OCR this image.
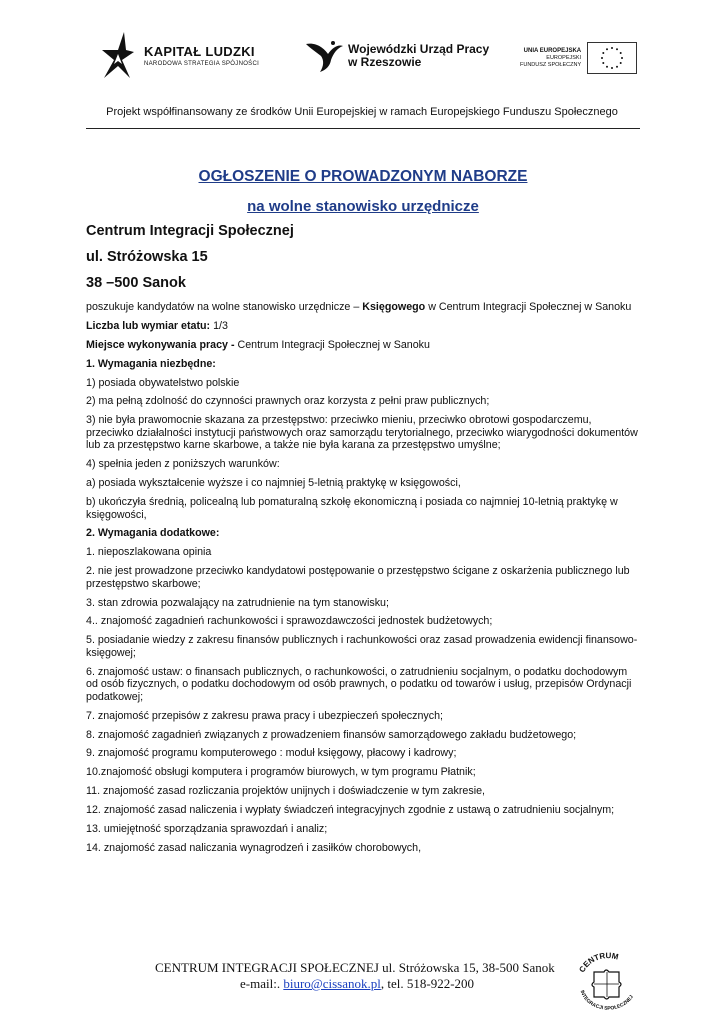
KAPITAŁ LUDZKI
NARODOWA STRATEGIA SPÓJNOŚCI
Wojewódzki Urząd Pracy
w Rzeszowie
UNIA EUROPEJSKA
EUROPEJSKI
FUNDUSZ SPOŁECZNY
Projekt współfinansowany ze środków Unii Europejskiej w ramach Europejskiego Funduszu Społecznego
OGŁOSZENIE O PROWADZONYM NABORZE
na wolne stanowisko urzędnicze
Centrum Integracji Społecznej
ul. Stróżowska 15
38 –500 Sanok

poszukuje kandydatów na wolne stanowisko urzędnicze – Księgowego w Centrum Integracji Społecznej w Sanoku

Liczba lub wymiar etatu: 1/3

Miejsce wykonywania pracy - Centrum Integracji Społecznej w Sanoku

1. Wymagania niezbędne:

1) posiada obywatelstwo polskie

2) ma pełną zdolność do czynności prawnych oraz korzysta z pełni praw publicznych;

3) nie była prawomocnie skazana za przestępstwo: przeciwko mieniu, przeciwko obrotowi gospodarczemu, przeciwko działalności instytucji państwowych oraz samorządu terytorialnego, przeciwko wiarygodności dokumentów lub za przestępstwo karne skarbowe, a także nie była karana za przestępstwo umyślne;

4) spełnia jeden z poniższych warunków:

a) posiada wykształcenie wyższe i co najmniej 5-letnią praktykę w księgowości,

b) ukończyła średnią, policealną lub pomaturalną szkołę ekonomiczną i posiada co najmniej 10-letnią praktykę w księgowości,

2. Wymagania dodatkowe:

1. nieposzlakowana opinia

2. nie jest prowadzone przeciwko kandydatowi postępowanie o przestępstwo ścigane z oskarżenia publicznego lub przestępstwo skarbowe;

3. stan zdrowia pozwalający na zatrudnienie na tym stanowisku;

4.. znajomość zagadnień rachunkowości i sprawozdawczości jednostek budżetowych;

5. posiadanie wiedzy z zakresu finansów publicznych i rachunkowości oraz zasad prowadzenia ewidencji finansowo-księgowej;

6. znajomość ustaw: o finansach publicznych, o rachunkowości, o zatrudnieniu socjalnym, o podatku dochodowym od osób fizycznych, o podatku dochodowym od osób prawnych, o podatku od towarów i usług, przepisów Ordynacji podatkowej;

7. znajomość przepisów z zakresu prawa pracy i ubezpieczeń społecznych;

8. znajomość zagadnień związanych z prowadzeniem finansów samorządowego zakładu budżetowego;

9. znajomość programu komputerowego : moduł księgowy, płacowy i kadrowy;

10.znajomość obsługi komputera i programów biurowych, w tym programu Płatnik;

11. znajomość zasad rozliczania projektów unijnych i doświadczenie w tym zakresie,

12. znajomość zasad naliczenia i wypłaty świadczeń integracyjnych zgodnie z ustawą o zatrudnieniu socjalnym;

13. umiejętność sporządzania sprawozdań i analiz;

14. znajomość zasad naliczania wynagrodzeń i zasiłków chorobowych,

CENTRUM INTEGRACJI SPOŁECZNEJ ul. Stróżowska 15, 38-500 Sanok
e-mail:. biuro@cissanok.pl, tel. 518-922-200
CENTRUM
INTEGRACJI SPOŁECZNEJ
